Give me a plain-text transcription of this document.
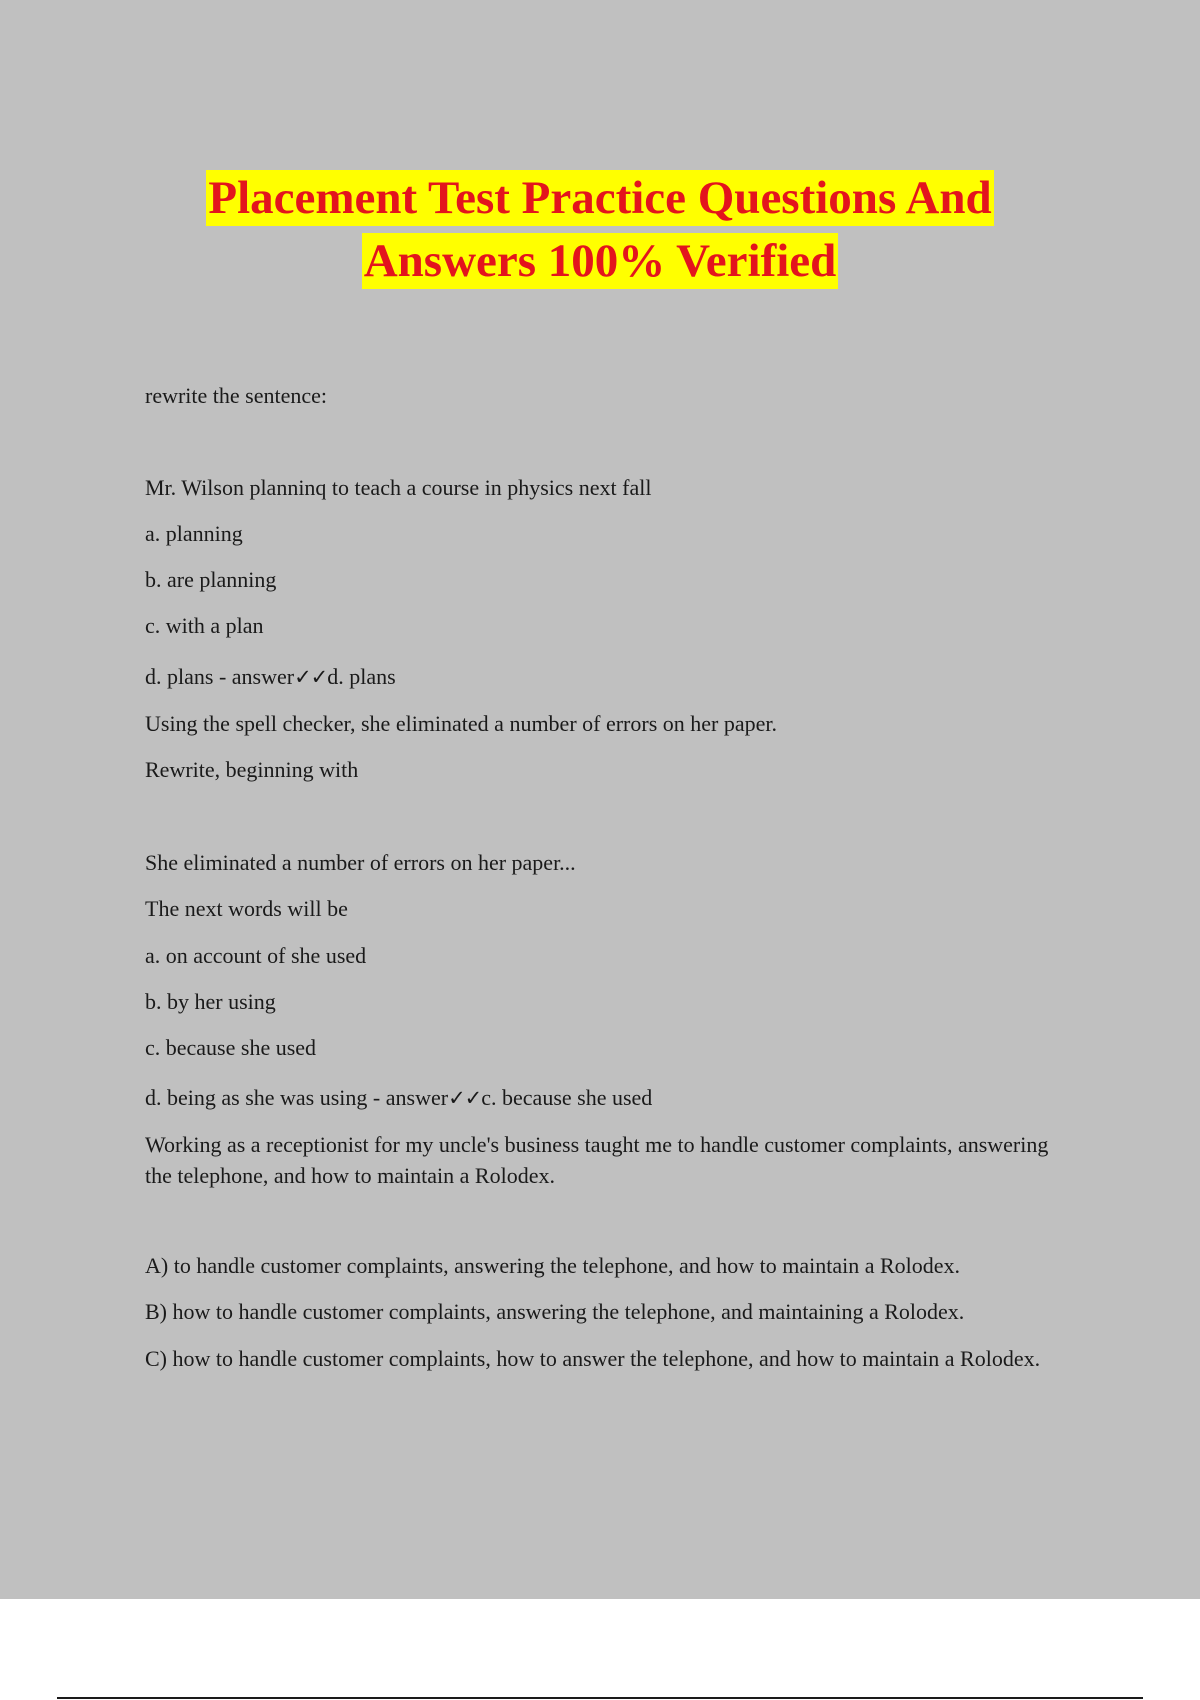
Placement Test Practice Questions And
Answers 100% Verified
rewrite the sentence:
Mr. Wilson planninq to teach a course in physics next fall
a. planning
b. are planning
c. with a plan
d. plans - answer✓✓d. plans
Using the spell checker, she eliminated a number of errors on her paper.
Rewrite, beginning with
She eliminated a number of errors on her paper...
The next words will be
a. on account of she used
b. by her using
c. because she used
d. being as she was using - answer✓✓c. because she used
Working as a receptionist for my uncle's business taught me to handle customer complaints, answering the telephone, and how to maintain a Rolodex.
A) to handle customer complaints, answering the telephone, and how to maintain a Rolodex.
B) how to handle customer complaints, answering the telephone, and maintaining a Rolodex.
C) how to handle customer complaints, how to answer the telephone, and how to maintain a Rolodex.
